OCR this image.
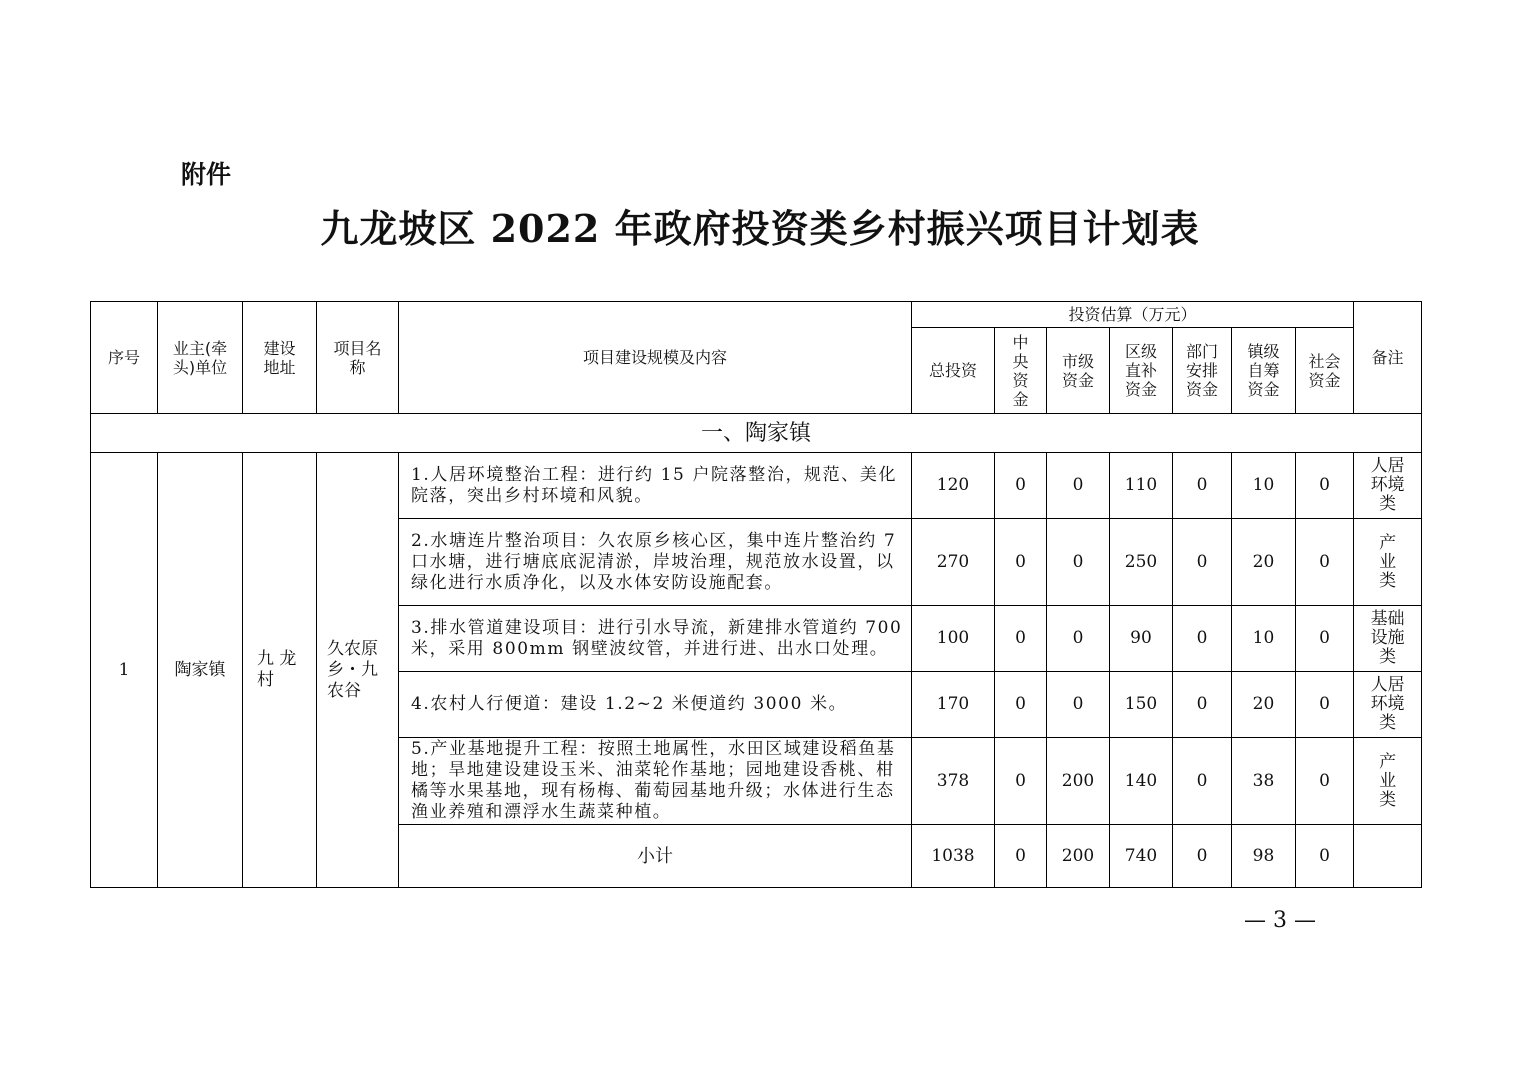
附件
九龙坡区 2022 年政府投资类乡村振兴项目计划表
序号	业主(牵头)单位	建设地址	项目名称	项目建设规模及内容	投资估算（万元）							备注
					总投资	中央资金	市级资金	区级直补资金	部门安排资金	镇级自筹资金	社会资金	
一、陶家镇												
1	陶家镇	九 龙 村	久农原乡・九农谷	1.人居环境整治工程：进行约 15 户院落整治，规范、美化院落，突出乡村环境和风貌。	120	0	0	110	0	10	0	人居环境类
				2.水塘连片整治项目：久农原乡核心区，集中连片整治约 7 口水塘，进行塘底底泥清淤，岸坡治理，规范放水设置，以绿化进行水质净化，以及水体安防设施配套。	270	0	0	250	0	20	0	产业类
				3.排水管道建设项目：进行引水导流，新建排水管道约 700 米，采用 800mm 钢壁波纹管，并进行进、出水口处理。	100	0	0	90	0	10	0	基础设施类
				4.农村人行便道：建设 1.2~2 米便道约 3000 米。	170	0	0	150	0	20	0	人居环境类
				5.产业基地提升工程：按照土地属性，水田区域建设稻鱼基地；旱地建设建设玉米、油菜轮作基地；园地建设香桃、柑橘等水果基地，现有杨梅、葡萄园基地升级；水体进行生态渔业养殖和漂浮水生蔬菜种植。	378	0	200	140	0	38	0	产业类
				小计	1038	0	200	740	0	98	0	
— 3 —
